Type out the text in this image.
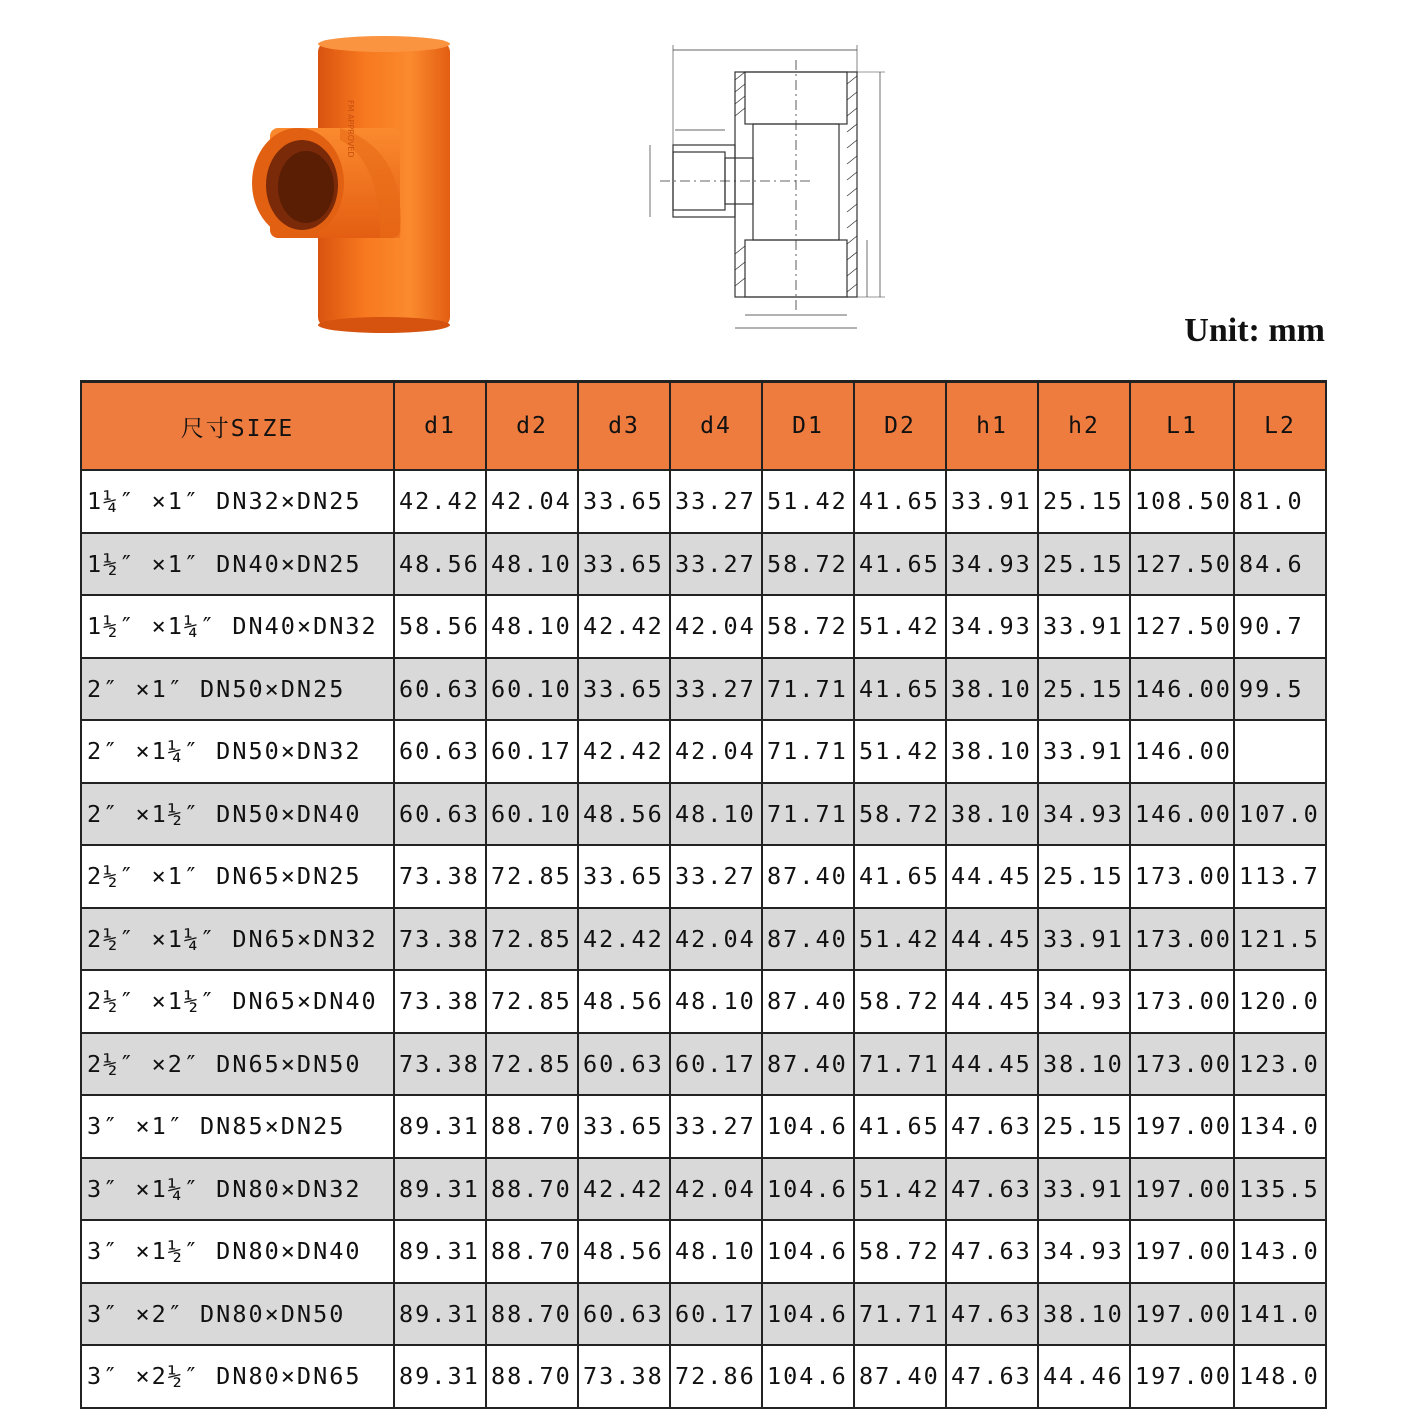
FM APPROVED
Unit: mm
尺寸SIZE	d1	d2	d3	d4	D1	D2	h1	h2	L1	L2
1¼″ ×1″ DN32×DN25	42.42	42.04	33.65	33.27	51.42	41.65	33.91	25.15	108.50	81.0
1½″ ×1″ DN40×DN25	48.56	48.10	33.65	33.27	58.72	41.65	34.93	25.15	127.50	84.6
1½″ ×1¼″ DN40×DN32	58.56	48.10	42.42	42.04	58.72	51.42	34.93	33.91	127.50	90.7
2″ ×1″ DN50×DN25	60.63	60.10	33.65	33.27	71.71	41.65	38.10	25.15	146.00	99.5
2″ ×1¼″ DN50×DN32	60.63	60.17	42.42	42.04	71.71	51.42	38.10	33.91	146.00	
2″ ×1½″ DN50×DN40	60.63	60.10	48.56	48.10	71.71	58.72	38.10	34.93	146.00	107.0
2½″ ×1″ DN65×DN25	73.38	72.85	33.65	33.27	87.40	41.65	44.45	25.15	173.00	113.7
2½″ ×1¼″ DN65×DN32	73.38	72.85	42.42	42.04	87.40	51.42	44.45	33.91	173.00	121.5
2½″ ×1½″ DN65×DN40	73.38	72.85	48.56	48.10	87.40	58.72	44.45	34.93	173.00	120.0
2½″ ×2″ DN65×DN50	73.38	72.85	60.63	60.17	87.40	71.71	44.45	38.10	173.00	123.0
3″ ×1″ DN85×DN25	89.31	88.70	33.65	33.27	104.6	41.65	47.63	25.15	197.00	134.0
3″ ×1¼″ DN80×DN32	89.31	88.70	42.42	42.04	104.6	51.42	47.63	33.91	197.00	135.5
3″ ×1½″ DN80×DN40	89.31	88.70	48.56	48.10	104.6	58.72	47.63	34.93	197.00	143.0
3″ ×2″ DN80×DN50	89.31	88.70	60.63	60.17	104.6	71.71	47.63	38.10	197.00	141.0
3″ ×2½″ DN80×DN65	89.31	88.70	73.38	72.86	104.6	87.40	47.63	44.46	197.00	148.0
